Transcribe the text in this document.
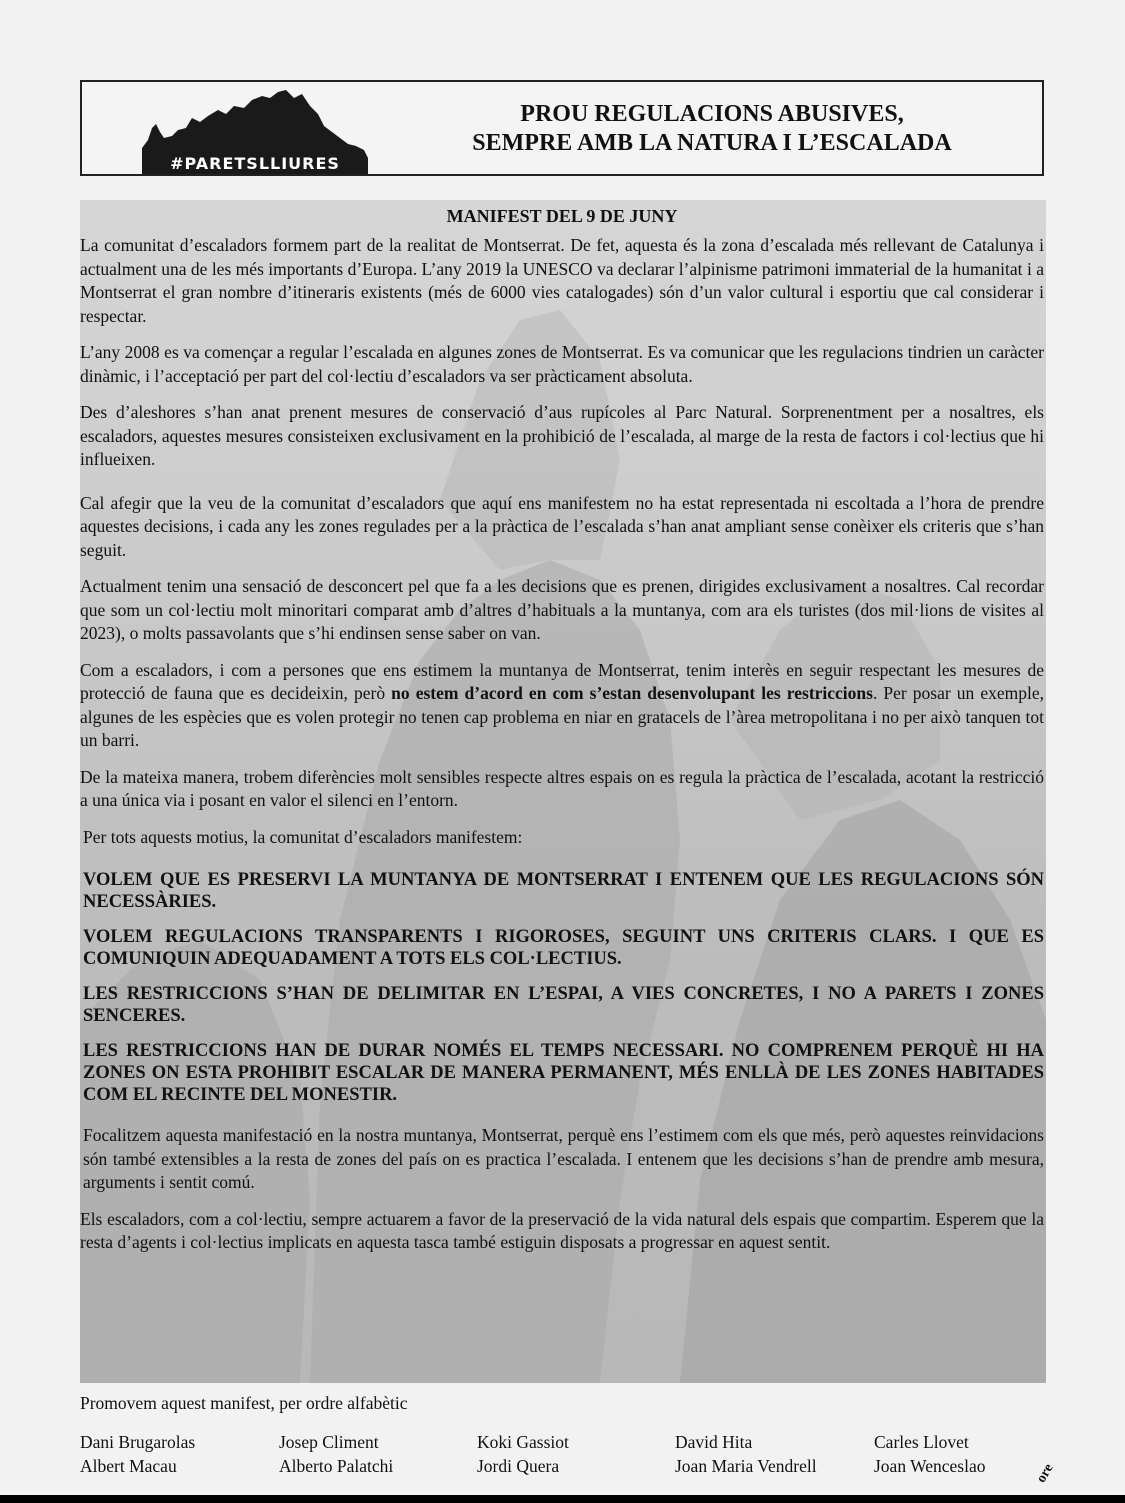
#PARETSLLIURES
PROU REGULACIONS ABUSIVES,
SEMPRE AMB LA NATURA I L’ESCALADA
MANIFEST DEL 9 DE JUNY

La comunitat d’escaladors formem part de la realitat de Montserrat. De fet, aquesta és la zona d’escalada més rellevant de Catalunya i actualment una de les més importants d’Europa. L’any 2019 la UNESCO va declarar l’alpinisme patrimoni immaterial de la humanitat i a Montserrat el gran nombre d’itineraris existents (més de 6000 vies catalogades) són d’un valor cultural i esportiu que cal considerar i respectar.

L’any 2008 es va començar a regular l’escalada en algunes zones de Montserrat. Es va comunicar que les regulacions tindrien un caràcter dinàmic, i l’acceptació per part del col·lectiu d’escaladors va ser pràcticament absoluta.

Des d’aleshores s’han anat prenent mesures de conservació d’aus rupícoles al Parc Natural. Sorprenentment per a nosaltres, els escaladors, aquestes mesures consisteixen exclusivament en la prohibició de l’escalada, al marge de la resta de factors i col·lectius que hi influeixen.

Cal afegir que la veu de la comunitat d’escaladors que aquí ens manifestem no ha estat representada ni escoltada a l’hora de prendre aquestes decisions, i cada any les zones regulades per a la pràctica de l’escalada s’han anat ampliant sense conèixer els criteris que s’han seguit.

Actualment tenim una sensació de desconcert pel que fa a les decisions que es prenen, dirigides exclusivament a nosaltres. Cal recordar que som un col·lectiu molt minoritari comparat amb d’altres d’habituals a la muntanya, com ara els turistes (dos mil·lions de visites al 2023), o molts passavolants que s’hi endinsen sense saber on van.

Com a escaladors, i com a persones que ens estimem la muntanya de Montserrat, tenim interès en seguir respectant les mesures de protecció de fauna que es decideixin, però no estem d’acord en com s’estan desenvolupant les restriccions. Per posar un exemple, algunes de les espècies que es volen protegir no tenen cap problema en niar en gratacels de l’àrea metropolitana i no per això tanquen tot un barri.

De la mateixa manera, trobem diferències molt sensibles respecte altres espais on es regula la pràctica de l’escalada, acotant la restricció a una única via i posant en valor el silenci en l’entorn.

Per tots aquests motius, la comunitat d’escaladors manifestem:

VOLEM QUE ES PRESERVI LA MUNTANYA DE MONTSERRAT I ENTENEM QUE LES REGULACIONS SÓN NECESSÀRIES.

VOLEM REGULACIONS TRANSPARENTS I RIGOROSES, SEGUINT UNS CRITERIS CLARS. I QUE ES COMUNIQUIN ADEQUADAMENT A TOTS ELS COL·LECTIUS.

LES RESTRICCIONS S’HAN DE DELIMITAR EN L’ESPAI, A VIES CONCRETES, I NO A PARETS I ZONES SENCERES.

LES RESTRICCIONS HAN DE DURAR NOMÉS EL TEMPS NECESSARI. NO COMPRENEM PERQUÈ HI HA ZONES ON ESTA PROHIBIT ESCALAR DE MANERA PERMANENT, MÉS ENLLÀ DE LES ZONES HABITADES COM EL RECINTE DEL MONESTIR.

Focalitzem aquesta manifestació en la nostra muntanya, Montserrat, perquè ens l’estimem com els que més, però aquestes reinvidacions són també extensibles a la resta de zones del país on es practica l’escalada. I entenem que les decisions s’han de prendre amb mesura, arguments i sentit comú.

Els escaladors, com a col·lectiu, sempre actuarem a favor de la preservació de la vida natural dels espais que compartim. Esperem que la resta d’agents i col·lectius implicats en aquesta tasca també estiguin disposats a progressar en aquest sentit.

Promovem aquest manifest, per ordre alfabètic
Dani Brugarolas	Josep Climent	Koki Gassiot	David Hita	Carles Llovet
Albert Macau	Alberto Palatchi	Jordi Quera	Joan Maria Vendrell	Joan Wenceslao	ore
